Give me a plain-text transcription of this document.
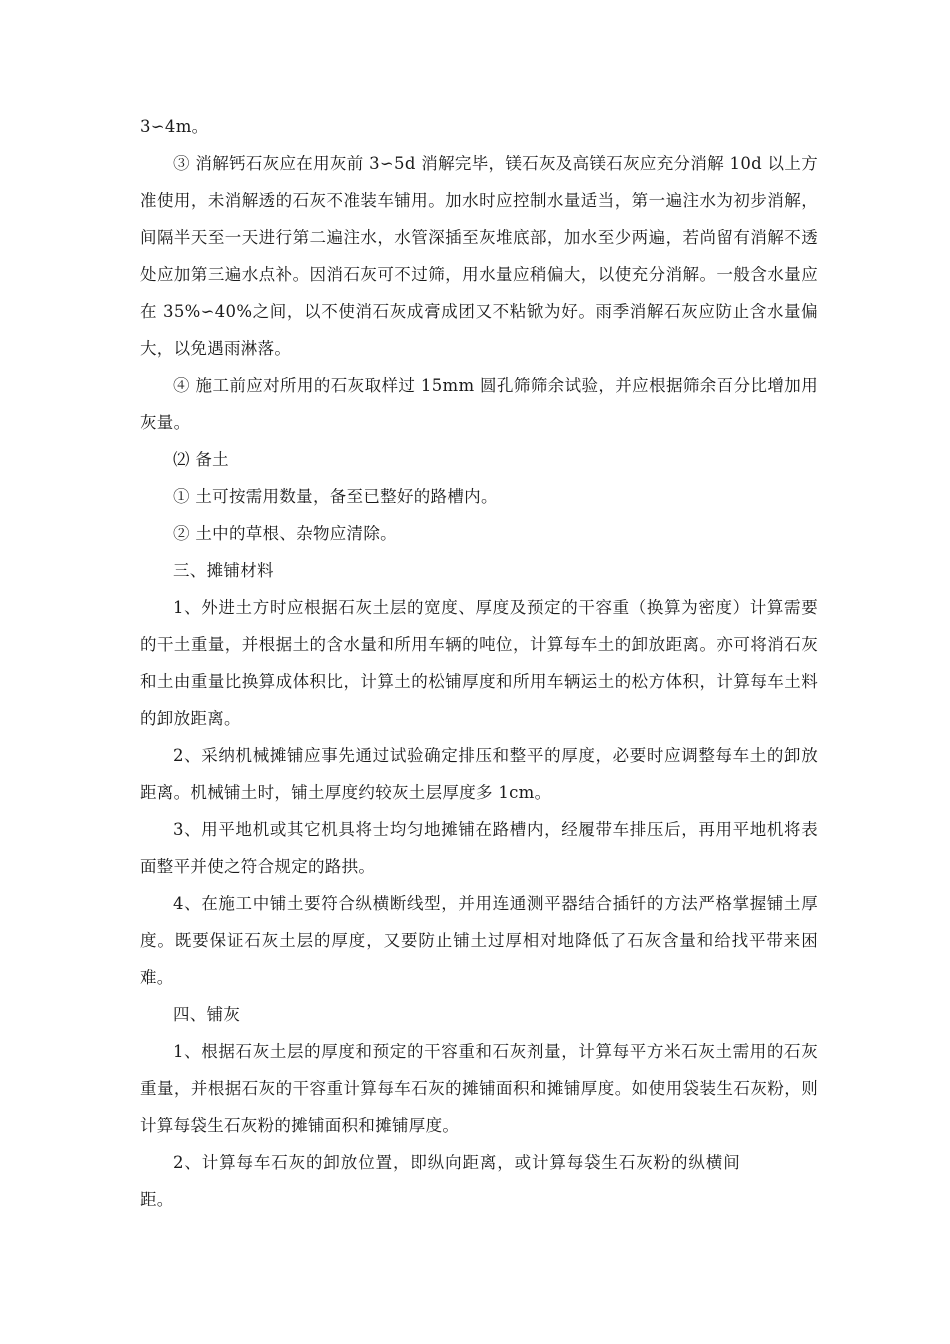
3∽4m。

③ 消解钙石灰应在用灰前 3∽5d 消解完毕，镁石灰及高镁石灰应充分消解 10d 以上方准使用，未消解透的石灰不准装车铺用。加水时应控制水量适当，第一遍注水为初步消解，间隔半天至一天进行第二遍注水，水管深插至灰堆底部，加水至少两遍，若尚留有消解不透处应加第三遍水点补。因消石灰可不过筛，用水量应稍偏大，以使充分消解。一般含水量应在 35%∽40%之间，以不使消石灰成膏成团又不粘锨为好。雨季消解石灰应防止含水量偏大，以免遇雨淋落。

④ 施工前应对所用的石灰取样过 15mm 圆孔筛筛余试验，并应根据筛余百分比增加用灰量。

⑵ 备土

① 土可按需用数量，备至已整好的路槽内。

② 土中的草根、杂物应清除。

三、摊铺材料

1、外进土方时应根据石灰土层的宽度、厚度及预定的干容重（换算为密度）计算需要的干土重量，并根据土的含水量和所用车辆的吨位，计算每车土的卸放距离。亦可将消石灰和土由重量比换算成体积比，计算土的松铺厚度和所用车辆运土的松方体积，计算每车土料的卸放距离。

2、采纳机械摊铺应事先通过试验确定排压和整平的厚度，必要时应调整每车土的卸放距离。机械铺土时，铺土厚度约较灰土层厚度多 1cm。

3、用平地机或其它机具将士均匀地摊铺在路槽内，经履带车排压后，再用平地机将表面整平并使之符合规定的路拱。

4、在施工中铺土要符合纵横断线型，并用连通测平器结合插钎的方法严格掌握铺土厚度。既要保证石灰土层的厚度，又要防止铺土过厚相对地降低了石灰含量和给找平带来困难。

四、铺灰

1、根据石灰土层的厚度和预定的干容重和石灰剂量，计算每平方米石灰土需用的石灰重量，并根据石灰的干容重计算每车石灰的摊铺面积和摊铺厚度。如使用袋装生石灰粉，则计算每袋生石灰粉的摊铺面积和摊铺厚度。

2、计算每车石灰的卸放位置，即纵向距离，或计算每袋生石灰粉的纵横间距。
